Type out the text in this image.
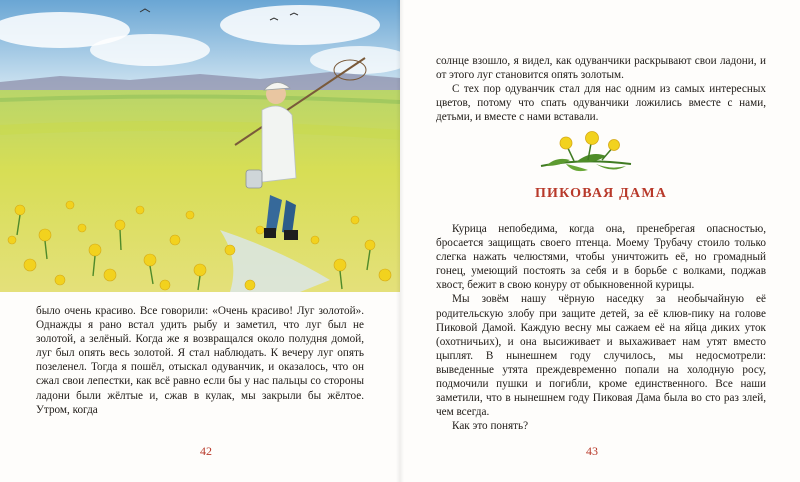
было очень красиво. Все говорили: «Очень красиво! Луг золотой». Однажды я рано встал удить рыбу и заметил, что луг был не золотой, а зелёный. Когда же я возвращался около полудня домой, луг был опять весь золотой. Я стал наблюдать. К вечеру луг опять позеленел. Тогда я пошёл, отыскал одуванчик, и оказалось, что он сжал свои лепестки, как всё равно если бы у нас пальцы со стороны ладони были жёлтые и, сжав в кулак, мы закрыли бы жёлтое. Утром, когда

42

солнце взошло, я видел, как одуванчики раскрывают свои ладони, и от этого луг становится опять золотым.

С тех пор одуванчик стал для нас одним из самых интересных цветов, потому что спать одуванчики ложились вместе с нами, детьми, и вместе с нами вставали.

ПИКОВАЯ ДАМА

Курица непобедима, когда она, пренебрегая опасностью, бросается защищать своего птенца. Моему Трубачу стоило только слегка нажать челюстями, чтобы уничтожить её, но громадный гонец, умеющий постоять за себя и в борьбе с волками, поджав хвост, бежит в свою конуру от обыкновенной курицы.

Мы зовём нашу чёрную наседку за необычайную её родительскую злобу при защите детей, за её клюв-пику на голове Пиковой Дамой. Каждую весну мы сажаем её на яйца диких уток (охотничьих), и она высиживает и выхаживает нам утят вместо цыплят. В нынешнем году случилось, мы недосмотрели: выведенные утята преждевременно попали на холодную росу, подмочили пушки и погибли, кроме единственного. Все наши заметили, что в нынешнем году Пиковая Дама была во сто раз злей, чем всегда.

Как это понять?

43
